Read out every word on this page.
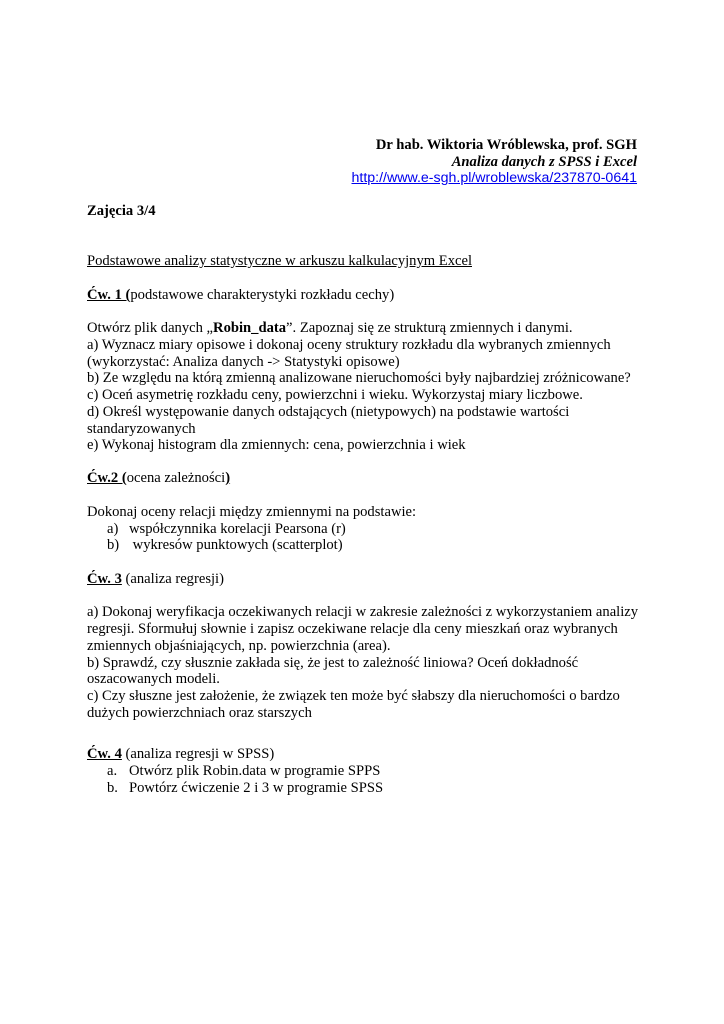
Dr hab. Wiktoria Wróblewska, prof. SGH
Analiza danych z SPSS i Excel
http://www.e-sgh.pl/wroblewska/237870-0641
Zajęcia 3/4
Podstawowe analizy statystyczne w arkuszu kalkulacyjnym Excel
Ćw. 1 (podstawowe charakterystyki rozkładu cechy)
Otwórz plik danych „Robin_data”. Zapoznaj się ze strukturą zmiennych i danymi.
a) Wyznacz miary opisowe i dokonaj oceny struktury rozkładu dla wybranych zmiennych
(wykorzystać: Analiza danych -> Statystyki opisowe)
b) Ze względu na którą zmienną analizowane nieruchomości były najbardziej zróżnicowane?
c) Oceń asymetrię rozkładu ceny, powierzchni i wieku. Wykorzystaj miary liczbowe.
d) Określ występowanie danych odstających (nietypowych) na podstawie wartości
standaryzowanych
e) Wykonaj histogram dla zmiennych: cena, powierzchnia i wiek
Ćw.2 (ocena zależności)
Dokonaj oceny relacji między zmiennymi na podstawie:
a) współczynnika korelacji Pearsona (r)
b) wykresów punktowych (scatterplot)
Ćw. 3 (analiza regresji)
a) Dokonaj weryfikacja oczekiwanych relacji w zakresie zależności z wykorzystaniem analizy
regresji. Sformułuj słownie i zapisz oczekiwane relacje dla ceny mieszkań oraz wybranych
zmiennych objaśniających, np. powierzchnia (area).
b) Sprawdź, czy słusznie zakłada się, że jest to zależność liniowa? Oceń dokładność
oszacowanych modeli.
c) Czy słuszne jest założenie, że związek ten może być słabszy dla nieruchomości o bardzo
dużych powierzchniach oraz starszych
Ćw. 4 (analiza regresji w SPSS)
a. Otwórz plik Robin.data w programie SPPS
b. Powtórz ćwiczenie 2 i 3 w programie SPSS
